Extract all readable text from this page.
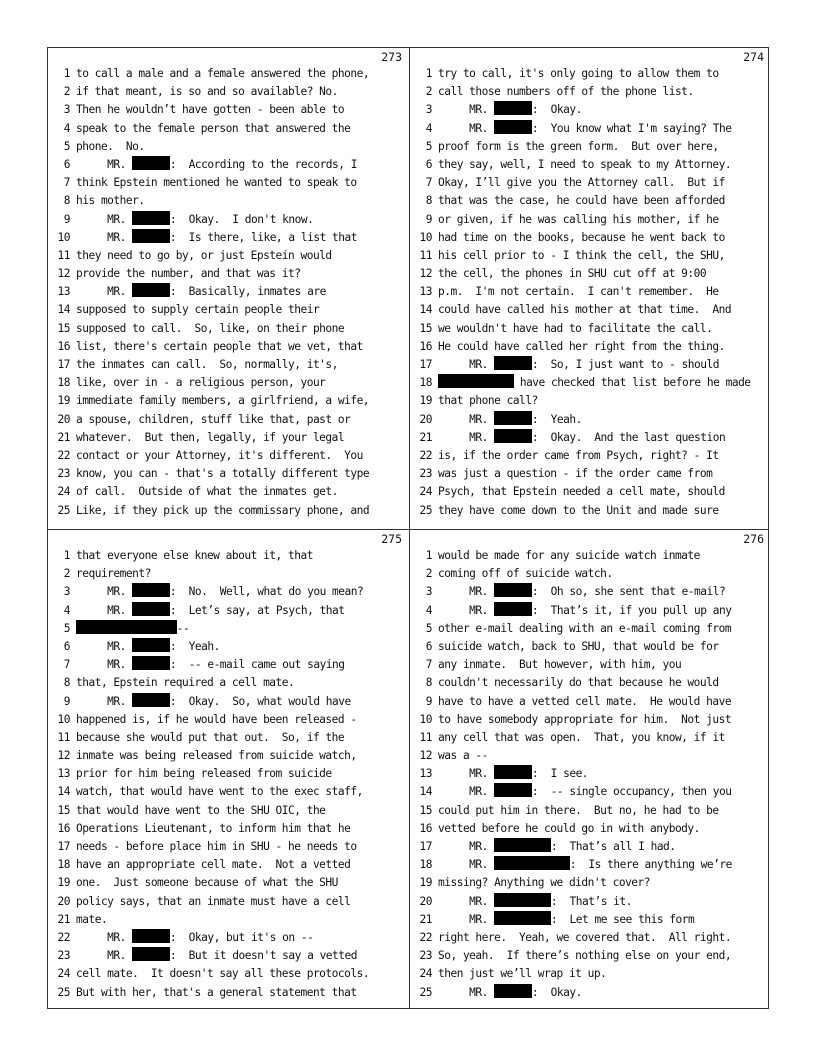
273
1 to call a male and a female answered the phone,
2 if that meant, is so and so available? No.
3 Then he wouldn’t have gotten - been able to
4 speak to the female person that answered the
5 phone.  No.
6     MR.	:  According to the records, I
7 think Epstein mentioned he wanted to speak to
8 his mother.
9     MR.	:  Okay.  I don't know.
10     MR.	:  Is there, like, a list that
11 they need to go by, or just Epstein would
12 provide the number, and that was it?
13     MR.	:  Basically, inmates are
14 supposed to supply certain people their
15 supposed to call.  So, like, on their phone
16 list, there's certain people that we vet, that
17 the inmates can call.  So, normally, it's,
18 like, over in - a religious person, your
19 immediate family members, a girlfriend, a wife,
20 a spouse, children, stuff like that, past or
21 whatever.  But then, legally, if your legal
22 contact or your Attorney, it's different.  You
23 know, you can - that's a totally different type
24 of call.  Outside of what the inmates get.
25 Like, if they pick up the commissary phone, and
274
1 try to call, it's only going to allow them to
2 call those numbers off of the phone list.
3     MR.	:  Okay.
4     MR.	:  You know what I'm saying? The
5 proof form is the green form.  But over here,
6 they say, well, I need to speak to my Attorney.
7 Okay, I’ll give you the Attorney call.  But if
8 that was the case, he could have been afforded
9 or given, if he was calling his mother, if he
10 had time on the books, because he went back to
11 his cell prior to - I think the cell, the SHU,
12 the cell, the phones in SHU cut off at 9:00
13 p.m.  I'm not certain.  I can't remember.  He
14 could have called his mother at that time.  And
15 we wouldn't have had to facilitate the call.
16 He could have called her right from the thing.
17     MR.	:  So, I just want to - should
18	have checked that list before he made
19 that phone call?
20     MR.	:  Yeah.
21     MR.	:  Okay.  And the last question
22 is, if the order came from Psych, right? - It
23 was just a question - if the order came from
24 Psych, that Epstein needed a cell mate, should
25 they have come down to the Unit and made sure
275
1 that everyone else knew about it, that
2 requirement?
3     MR.	:  No.  Well, what do you mean?
4     MR.	:  Let’s say, at Psych, that
5	--
6     MR.	:  Yeah.
7     MR.	:  -- e-mail came out saying
8 that, Epstein required a cell mate.
9     MR.	:  Okay.  So, what would have
10 happened is, if he would have been released -
11 because she would put that out.  So, if the
12 inmate was being released from suicide watch,
13 prior for him being released from suicide
14 watch, that would have went to the exec staff,
15 that would have went to the SHU OIC, the
16 Operations Lieutenant, to inform him that he
17 needs - before place him in SHU - he needs to
18 have an appropriate cell mate.  Not a vetted
19 one.  Just someone because of what the SHU
20 policy says, that an inmate must have a cell
21 mate.
22     MR.	:  Okay, but it's on --
23     MR.	:  But it doesn't say a vetted
24 cell mate.  It doesn't say all these protocols.
25 But with her, that's a general statement that
276
1 would be made for any suicide watch inmate
2 coming off of suicide watch.
3     MR.	:  Oh so, she sent that e-mail?
4     MR.	:  That’s it, if you pull up any
5 other e-mail dealing with an e-mail coming from
6 suicide watch, back to SHU, that would be for
7 any inmate.  But however, with him, you
8 couldn't necessarily do that because he would
9 have to have a vetted cell mate.  He would have
10 to have somebody appropriate for him.  Not just
11 any cell that was open.  That, you know, if it
12 was a --
13     MR.	:  I see.
14     MR.	:  -- single occupancy, then you
15 could put him in there.  But no, he had to be
16 vetted before he could go in with anybody.
17     MR.	:  That’s all I had.
18     MR.	:  Is there anything we’re
19 missing? Anything we didn't cover?
20     MR.	:  That’s it.
21     MR.	:  Let me see this form
22 right here.  Yeah, we covered that.  All right.
23 So, yeah.  If there’s nothing else on your end,
24 then just we’ll wrap it up.
25     MR.	:  Okay.
